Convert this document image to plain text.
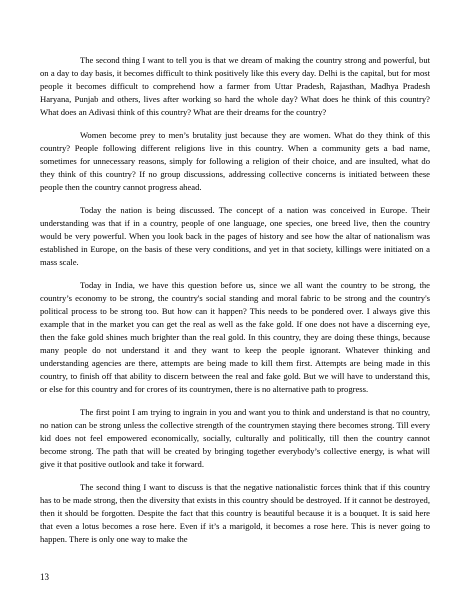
The second thing I want to tell you is that we dream of making the country strong and powerful, but on a day to day basis, it becomes difficult to think positively like this every day. Delhi is the capital, but for most people it becomes difficult to comprehend how a farmer from Uttar Pradesh, Rajasthan, Madhya Pradesh Haryana, Punjab and others, lives after working so hard the whole day? What does he think of this country? What does an Adivasi think of this country? What are their dreams for the country?

Women become prey to men’s brutality just because they are women. What do they think of this country? People following different religions live in this country. When a community gets a bad name, sometimes for unnecessary reasons, simply for following a religion of their choice, and are insulted, what do they think of this country? If no group discussions, addressing collective concerns is initiated between these people then the country cannot progress ahead.

Today the nation is being discussed. The concept of a nation was conceived in Europe. Their understanding was that if in a country, people of one language, one species, one breed live, then the country would be very powerful. When you look back in the pages of history and see how the altar of nationalism was established in Europe, on the basis of these very conditions, and yet in that society, killings were initiated on a mass scale.

Today in India, we have this question before us, since we all want the country to be strong, the country’s economy to be strong, the country's social standing and moral fabric to be strong and the country's political process to be strong too. But how can it happen? This needs to be pondered over. I always give this example that in the market you can get the real as well as the fake gold. If one does not have a discerning eye, then the fake gold shines much brighter than the real gold. In this country, they are doing these things, because many people do not understand it and they want to keep the people ignorant. Whatever thinking and understanding agencies are there, attempts are being made to kill them first. Attempts are being made in this country, to finish off that ability to discern between the real and fake gold. But we will have to understand this, or else for this country and for crores of its countrymen, there is no alternative path to progress.

The first point I am trying to ingrain in you and want you to think and understand is that no country, no nation can be strong unless the collective strength of the countrymen staying there becomes strong. Till every kid does not feel empowered economically, socially, culturally and politically, till then the country cannot become strong. The path that will be created by bringing together everybody’s collective energy, is what will give it that positive outlook and take it forward.

The second thing I want to discuss is that the negative nationalistic forces think that if this country has to be made strong, then the diversity that exists in this country should be destroyed. If it cannot be destroyed, then it should be forgotten. Despite the fact that this country is beautiful because it is a bouquet. It is said here that even a lotus becomes a rose here. Even if it’s a marigold, it becomes a rose here. This is never going to happen. There is only one way to make the

13
